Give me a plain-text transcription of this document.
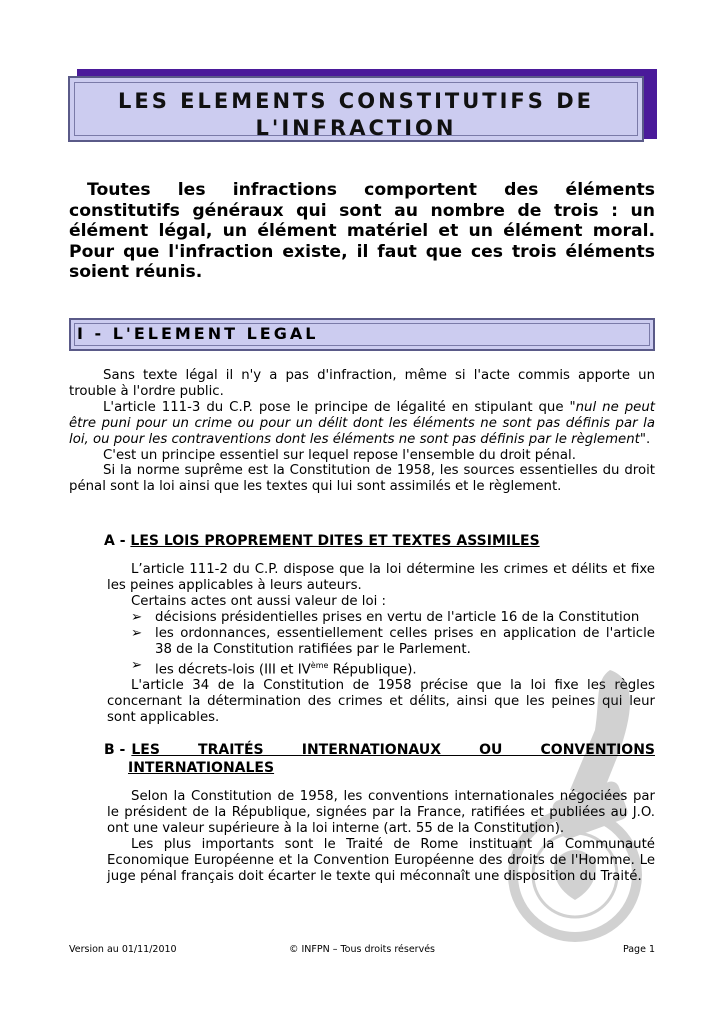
LES ELEMENTS CONSTITUTIFS DE
L'INFRACTION

Toutes les infractions comportent des éléments constitutifs généraux qui sont au nombre de trois : un élément légal, un élément matériel et un élément moral. Pour que l'infraction existe, il faut que ces trois éléments soient réunis.

I - L'ELEMENT LEGAL

Sans texte légal il n'y a pas d'infraction, même si l'acte commis apporte un trouble à l'ordre public.

L'article 111-3 du C.P. pose le principe de légalité en stipulant que "nul ne peut être puni pour un crime ou pour un délit dont les éléments ne sont pas définis par la loi, ou pour les contraventions dont les éléments ne sont pas définis par le règlement".

C'est un principe essentiel sur lequel repose l'ensemble du droit pénal.

Si la norme suprême est la Constitution de 1958, les sources essentielles du droit pénal sont la loi ainsi que les textes qui lui sont assimilés et le règlement.

A - LES LOIS PROPREMENT DITES ET TEXTES ASSIMILES

L’article 111-2 du C.P. dispose que la loi détermine les crimes et délits et fixe les peines applicables à leurs auteurs.

Certains actes ont aussi valeur de loi :

➢ décisions présidentielles prises en vertu de l'article 16 de la Constitution
➢ les ordonnances, essentiellement celles prises en application de l'article 38 de la Constitution ratifiées par le Parlement.
➢ les décrets-lois (III et IVème République).

L'article 34 de la Constitution de 1958 précise que la loi fixe les règles concernant la détermination des crimes et délits, ainsi que les peines qui leur sont applicables.

B - LES TRAITÉS INTERNATIONAUX OU CONVENTIONS
INTERNATIONALES

Selon la Constitution de 1958, les conventions internationales négociées par le président de la République, signées par la France, ratifiées et publiées au J.O. ont une valeur supérieure à la loi interne (art. 55 de la Constitution).

Les plus importants sont le Traité de Rome instituant la Communauté Economique Européenne et la Convention Européenne des droits de l'Homme. Le juge pénal français doit écarter le texte qui méconnaît une disposition du Traité.

Version au 01/11/2010	© INFPN – Tous droits réservés	Page 1
